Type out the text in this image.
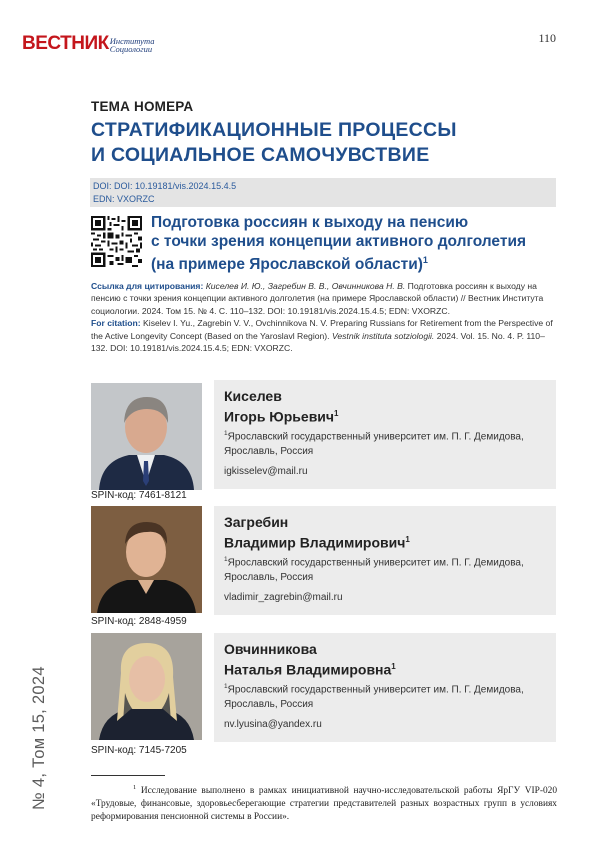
ВЕСТНИК Института
Социологии
110
ТЕМА НОМЕРА
СТРАТИФИКАЦИОННЫЕ ПРОЦЕССЫ
И СОЦИАЛЬНОЕ САМОЧУВСТВИЕ
DOI: DOI: 10.19181/vis.2024.15.4.5
EDN: VXORZC
Подготовка россиян к выходу на пенсию
с точки зрения концепции активного долголетия
(на примере Ярославской области)$^1$
Ссылка для цитирования: Киселев И. Ю., Загребин В. В., Овчинникова Н. В. Подготовка россиян к выходу на пенсию с точки зрения концепции активного долголетия (на примере Ярославской области) // Вестник Института социологии. 2024. Том 15. № 4. С. 110–132. DOI: 10.19181/vis.2024.15.4.5; EDN: VXORZC.
For citation: Kiselev I. Yu., Zagrebin V. V., Ovchinnikova N. V. Preparing Russians for Retirement from the Perspective of the Active Longevity Concept (Based on the Yaroslavl Region). Vestnik instituta sotziologii. 2024. Vol. 15. No. 4. P. 110–132. DOI: 10.19181/vis.2024.15.4.5; EDN: VXORZC.
SPIN-код: 7461-8121
Киселев
Игорь Юрьевич$^1$
$^1$Ярославский государственный университет им. П. Г. Демидова, Ярославль, Россия
igkisselev@mail.ru
SPIN-код: 2848-4959
Загребин
Владимир Владимирович$^1$
$^1$Ярославский государственный университет им. П. Г. Демидова, Ярославль, Россия
vladimir_zagrebin@mail.ru
SPIN-код: 7145-7205
Овчинникова
Наталья Владимировна$^1$
$^1$Ярославский государственный университет им. П. Г. Демидова, Ярославль, Россия
nv.lyusina@yandex.ru
№ 4, Том 15, 2024	$^1$ Исследование выполнено в рамках инициативной научно-исследовательской работы ЯрГУ VIP-020 «Трудовые, финансовые, здоровьесберегающие стратегии представителей разных возрастных групп в условиях реформирования пенсионной системы в России».
